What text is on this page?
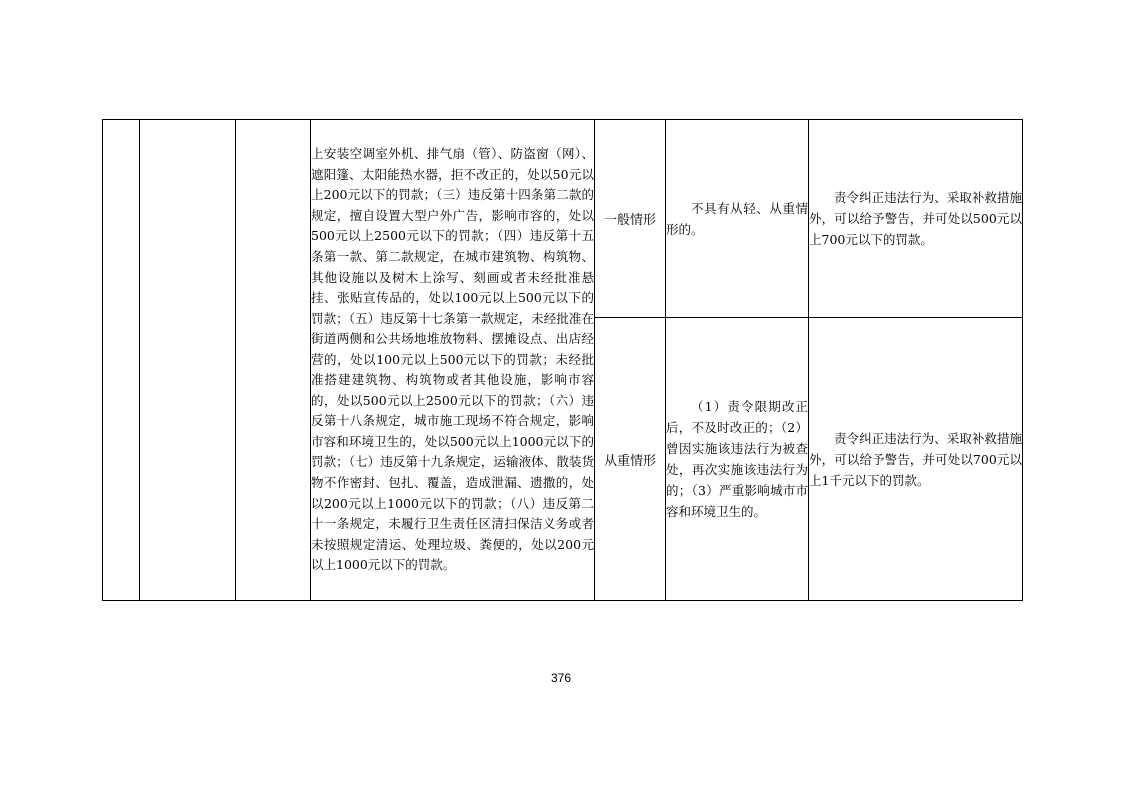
			上安装空调室外机、排气扇（管）、防盗窗（网）、遮阳篷、太阳能热水器，拒不改正的，处以50元以上200元以下的罚款；（三）违反第十四条第二款的规定，擅自设置大型户外广告，影响市容的，处以500元以上2500元以下的罚款；（四）违反第十五条第一款、第二款规定，在城市建筑物、构筑物、其他设施以及树木上涂写、刻画或者未经批准悬挂、张贴宣传品的，处以100元以上500元以下的罚款；（五）违反第十七条第一款规定，未经批准在街道两侧和公共场地堆放物料、摆摊设点、出店经营的，处以100元以上500元以下的罚款；未经批准搭建建筑物、构筑物或者其他设施，影响市容的，处以500元以上2500元以下的罚款；（六）违反第十八条规定，城市施工现场不符合规定，影响市容和环境卫生的，处以500元以上1000元以下的罚款；（七）违反第十九条规定，运输液体、散装货物不作密封、包扎、覆盖，造成泄漏、遗撒的，处以200元以上1000元以下的罚款；（八）违反第二十一条规定，未履行卫生责任区清扫保洁义务或者未按照规定清运、处理垃圾、粪便的，处以200元以上1000元以下的罚款。	一般情形	不具有从轻、从重情形的。	责令纠正违法行为、采取补救措施外，可以给予警告，并可处以500元以上700元以下的罚款。
				从重情形	（1）责令限期改正后，不及时改正的；（2）曾因实施该违法行为被查处，再次实施该违法行为的；（3）严重影响城市市容和环境卫生的。	责令纠正违法行为、采取补救措施外，可以给予警告，并可处以700元以上1千元以下的罚款。
376
